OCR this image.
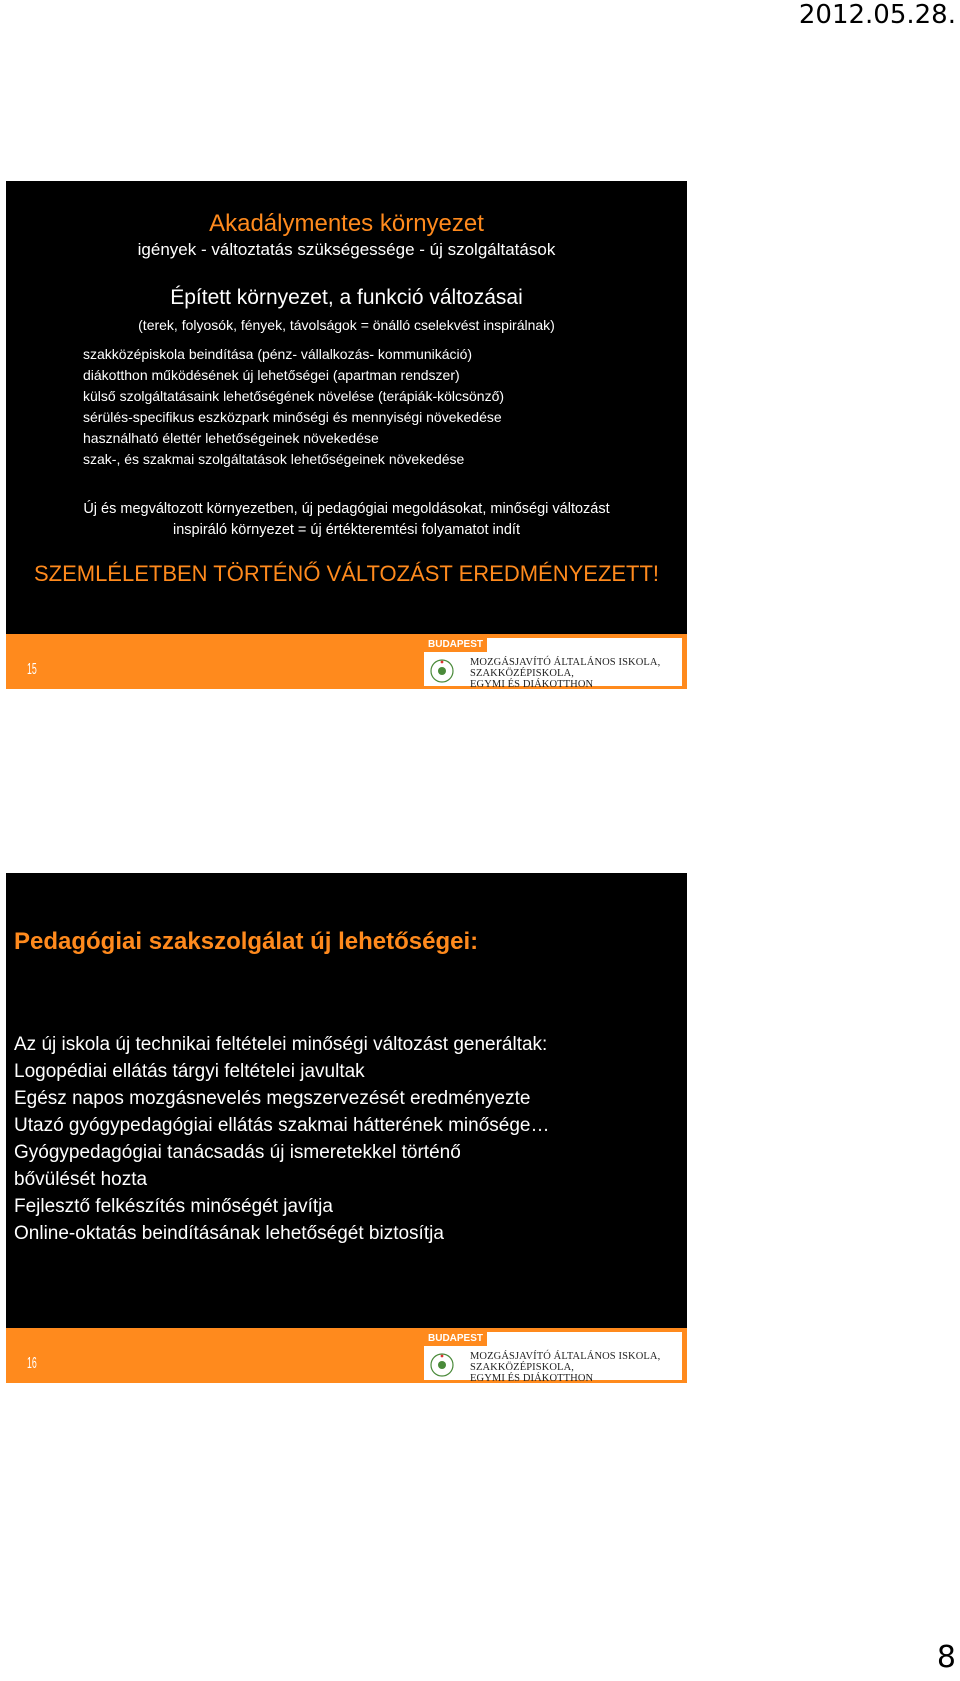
2012.05.28.
Akadálymentes környezet
igények - változtatás szükségessége - új szolgáltatások
Épített környezet, a funkció változásai
(terek, folyosók, fények, távolságok = önálló cselekvést inspirálnak)
szakközépiskola beindítása (pénz- vállalkozás- kommunikáció)
diákotthon működésének új lehetőségei (apartman rendszer)
külső szolgáltatásaink lehetőségének növelése (terápiák-kölcsönző)
sérülés-specifikus eszközpark minőségi és mennyiségi növekedése
használható élettér lehetőségeinek növekedése
szak-, és szakmai szolgáltatások lehetőségeinek növekedése
Új és megváltozott környezetben, új pedagógiai megoldásokat, minőségi változást
inspiráló környezet = új értékteremtési folyamatot indít
SZEMLÉLETBEN TÖRTÉNŐ VÁLTOZÁST EREDMÉNYEZETT!
15
BUDAPEST
MOZGÁSJAVÍTÓ ÁLTALÁNOS ISKOLA,
SZAKKÖZÉPISKOLA,
EGYMI ÉS DIÁKOTTHON
Pedagógiai szakszolgálat új lehetőségei:
Az új iskola új technikai feltételei minőségi változást generáltak:
Logopédiai ellátás tárgyi feltételei javultak
Egész napos mozgásnevelés megszervezését eredményezte
Utazó gyógypedagógiai ellátás szakmai hátterének minősége…
Gyógypedagógiai tanácsadás új ismeretekkel történő
bővülését hozta
Fejlesztő felkészítés minőségét javítja
Online-oktatás beindításának lehetőségét biztosítja
16
BUDAPEST
MOZGÁSJAVÍTÓ ÁLTALÁNOS ISKOLA,
SZAKKÖZÉPISKOLA,
EGYMI ÉS DIÁKOTTHON
8
